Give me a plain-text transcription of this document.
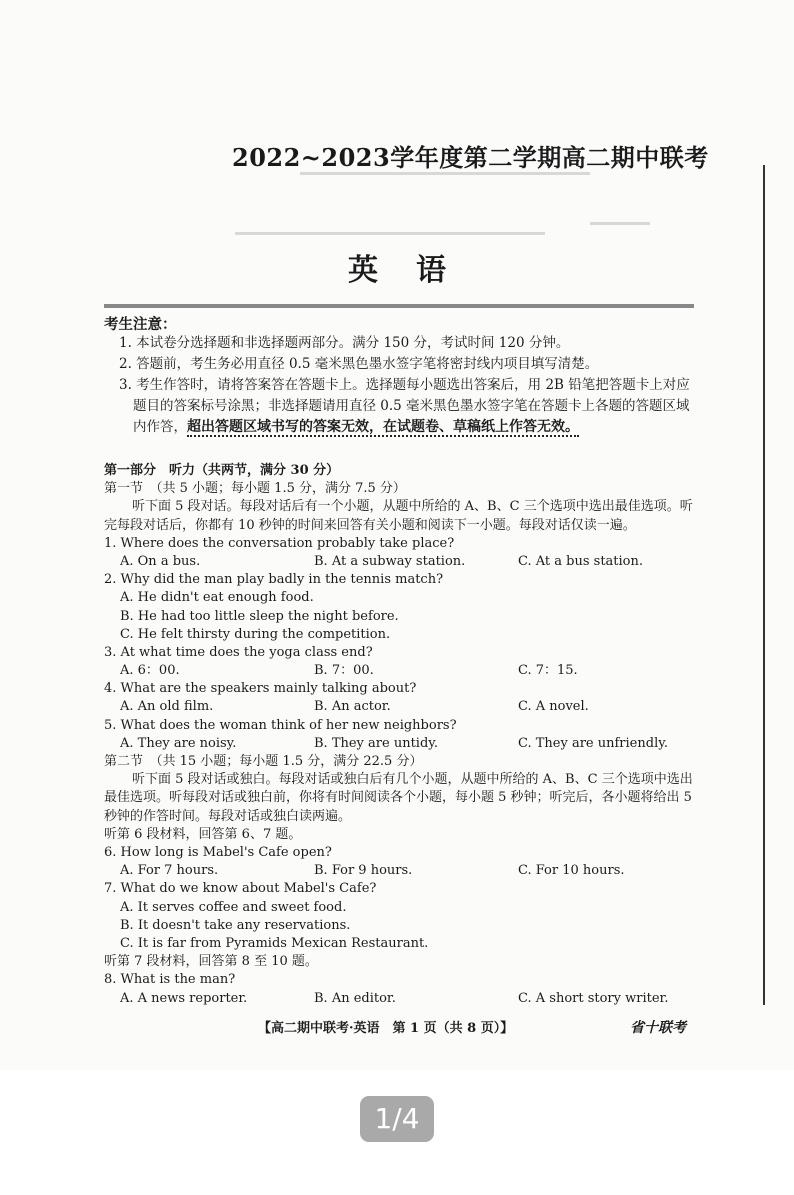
2022~2023学年度第二学期高二期中联考
英语
考生注意：
1. 本试卷分选择题和非选择题两部分。满分 150 分，考试时间 120 分钟。
2. 答题前，考生务必用直径 0.5 毫米黑色墨水签字笔将密封线内项目填写清楚。
3. 考生作答时，请将答案答在答题卡上。选择题每小题选出答案后，用 2B 铅笔把答题卡上对应题目的答案标号涂黑；非选择题请用直径 0.5 毫米黑色墨水签字笔在答题卡上各题的答题区域内作答，超出答题区域书写的答案无效，在试题卷、草稿纸上作答无效。
第一部分　听力（共两节，满分 30 分）
第一节　（共 5 小题；每小题 1.5 分，满分 7.5 分）
听下面 5 段对话。每段对话后有一个小题，从题中所给的 A、B、C 三个选项中选出最佳选项。听完每段对话后，你都有 10 秒钟的时间来回答有关小题和阅读下一小题。每段对话仅读一遍。
1. Where does the conversation probably take place?
A. On a bus.	B. At a subway station.	C. At a bus station.
2. Why did the man play badly in the tennis match?
A. He didn't eat enough food.
B. He had too little sleep the night before.
C. He felt thirsty during the competition.
3. At what time does the yoga class end?
A. 6：00.	B. 7：00.	C. 7：15.
4. What are the speakers mainly talking about?
A. An old film.	B. An actor.	C. A novel.
5. What does the woman think of her new neighbors?
A. They are noisy.	B. They are untidy.	C. They are unfriendly.
第二节　（共 15 小题；每小题 1.5 分，满分 22.5 分）
听下面 5 段对话或独白。每段对话或独白后有几个小题，从题中所给的 A、B、C 三个选项中选出最佳选项。听每段对话或独白前，你将有时间阅读各个小题，每小题 5 秒钟；听完后，各小题将给出 5 秒钟的作答时间。每段对话或独白读两遍。
听第 6 段材料，回答第 6、7 题。
6. How long is Mabel's Cafe open?
A. For 7 hours.	B. For 9 hours.	C. For 10 hours.
7. What do we know about Mabel's Cafe?
A. It serves coffee and sweet food.
B. It doesn't take any reservations.
C. It is far from Pyramids Mexican Restaurant.
听第 7 段材料，回答第 8 至 10 题。
8. What is the man?
A. A news reporter.	B. An editor.	C. A short story writer.
【高二期中联考·英语　第 1 页（共 8 页）】	省十联考
1/4
